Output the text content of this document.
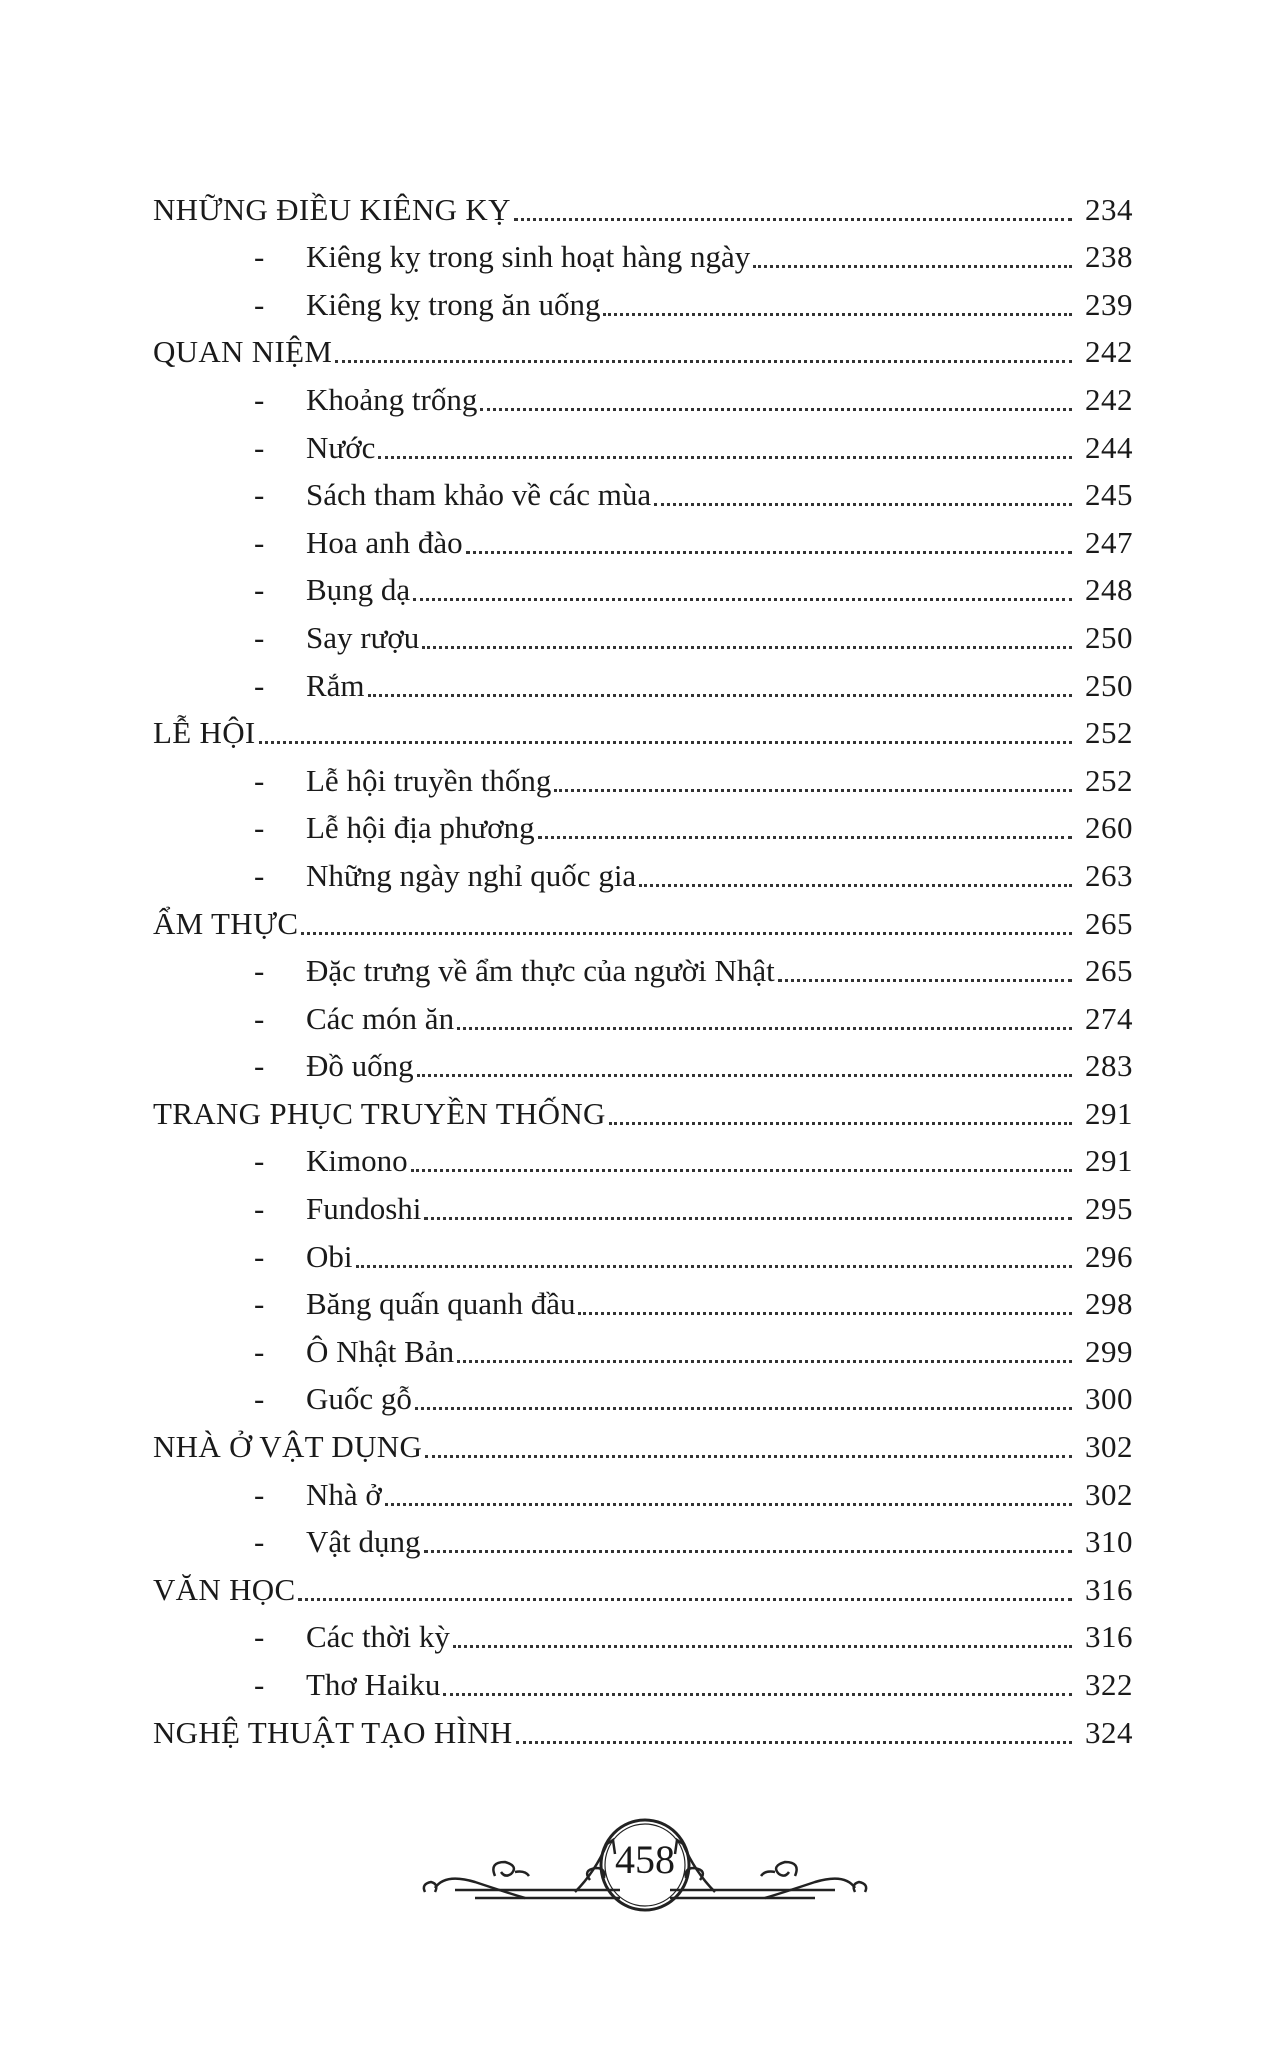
NHỮNG ĐIỀU KIÊNG KỴ	234
-	Kiêng kỵ trong sinh hoạt hàng ngày	238
-	Kiêng kỵ trong ăn uống	239
QUAN NIỆM	242
-	Khoảng trống	242
-	Nước	244
-	Sách tham khảo về các mùa	245
-	Hoa anh đào	247
-	Bụng dạ	248
-	Say rượu	250
-	Rắm	250
LỄ HỘI	252
-	Lễ hội truyền thống	252
-	Lễ hội địa phương	260
-	Những ngày nghỉ quốc gia	263
ẨM THỰC	265
-	Đặc trưng về ẩm thực của người Nhật	265
-	Các món ăn	274
-	Đồ uống	283
TRANG PHỤC TRUYỀN THỐNG	291
-	Kimono	291
-	Fundoshi	295
-	Obi	296
-	Băng quấn quanh đầu	298
-	Ô Nhật Bản	299
-	Guốc gỗ	300
NHÀ Ở VẬT DỤNG	302
-	Nhà ở	302
-	Vật dụng	310
VĂN HỌC	316
-	Các thời kỳ	316
-	Thơ Haiku	322
NGHỆ THUẬT TẠO HÌNH	324
458
